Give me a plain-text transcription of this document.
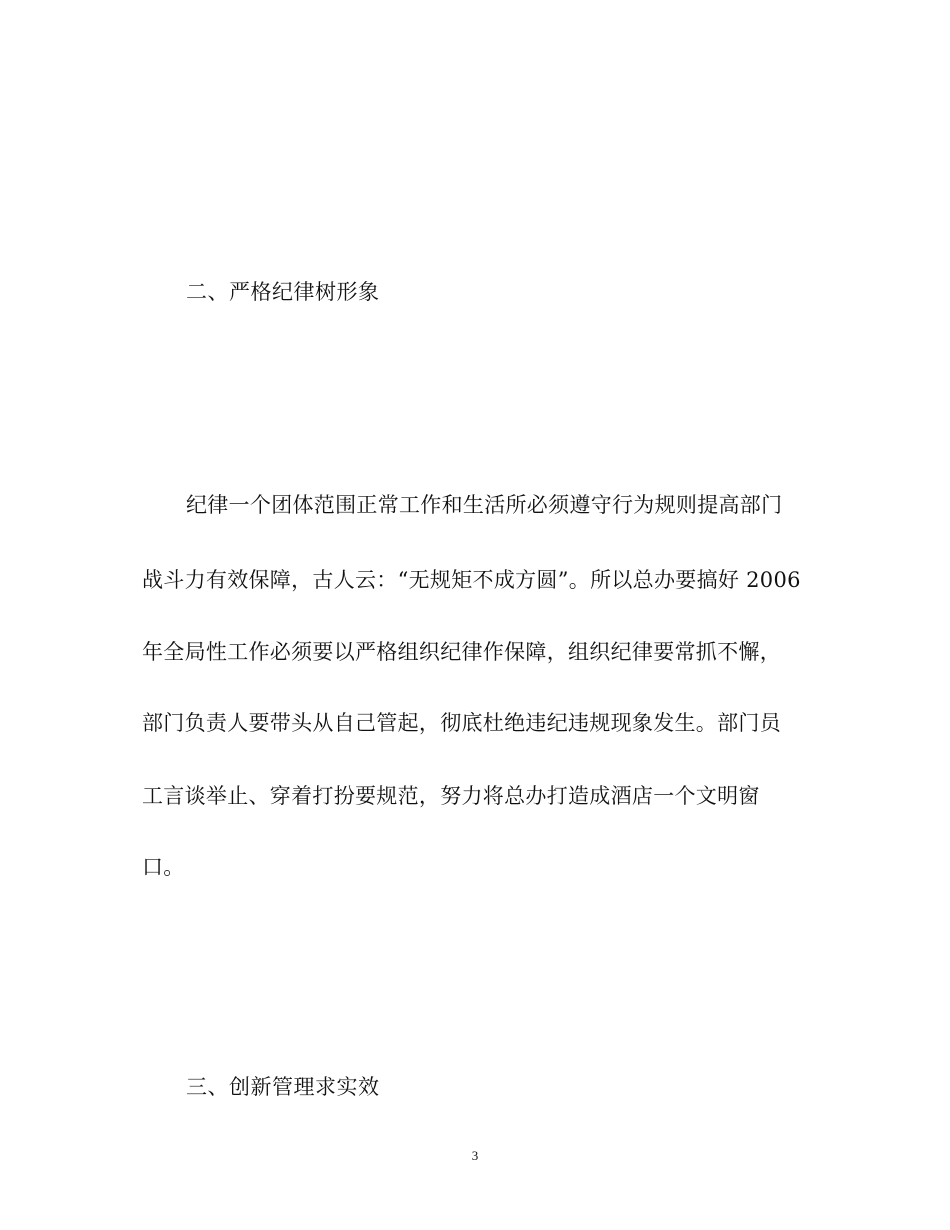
二、严格纪律树形象
纪律一个团体范围正常工作和生活所必须遵守行为规则提高部门
战斗力有效保障，古人云：“无规矩不成方圆”。所以总办要搞好 2006
年全局性工作必须要以严格组织纪律作保障，组织纪律要常抓不懈，
部门负责人要带头从自己管起，彻底杜绝违纪违规现象发生。部门员
工言谈举止、穿着打扮要规范，努力将总办打造成酒店一个文明窗
口。
三、创新管理求实效
3
